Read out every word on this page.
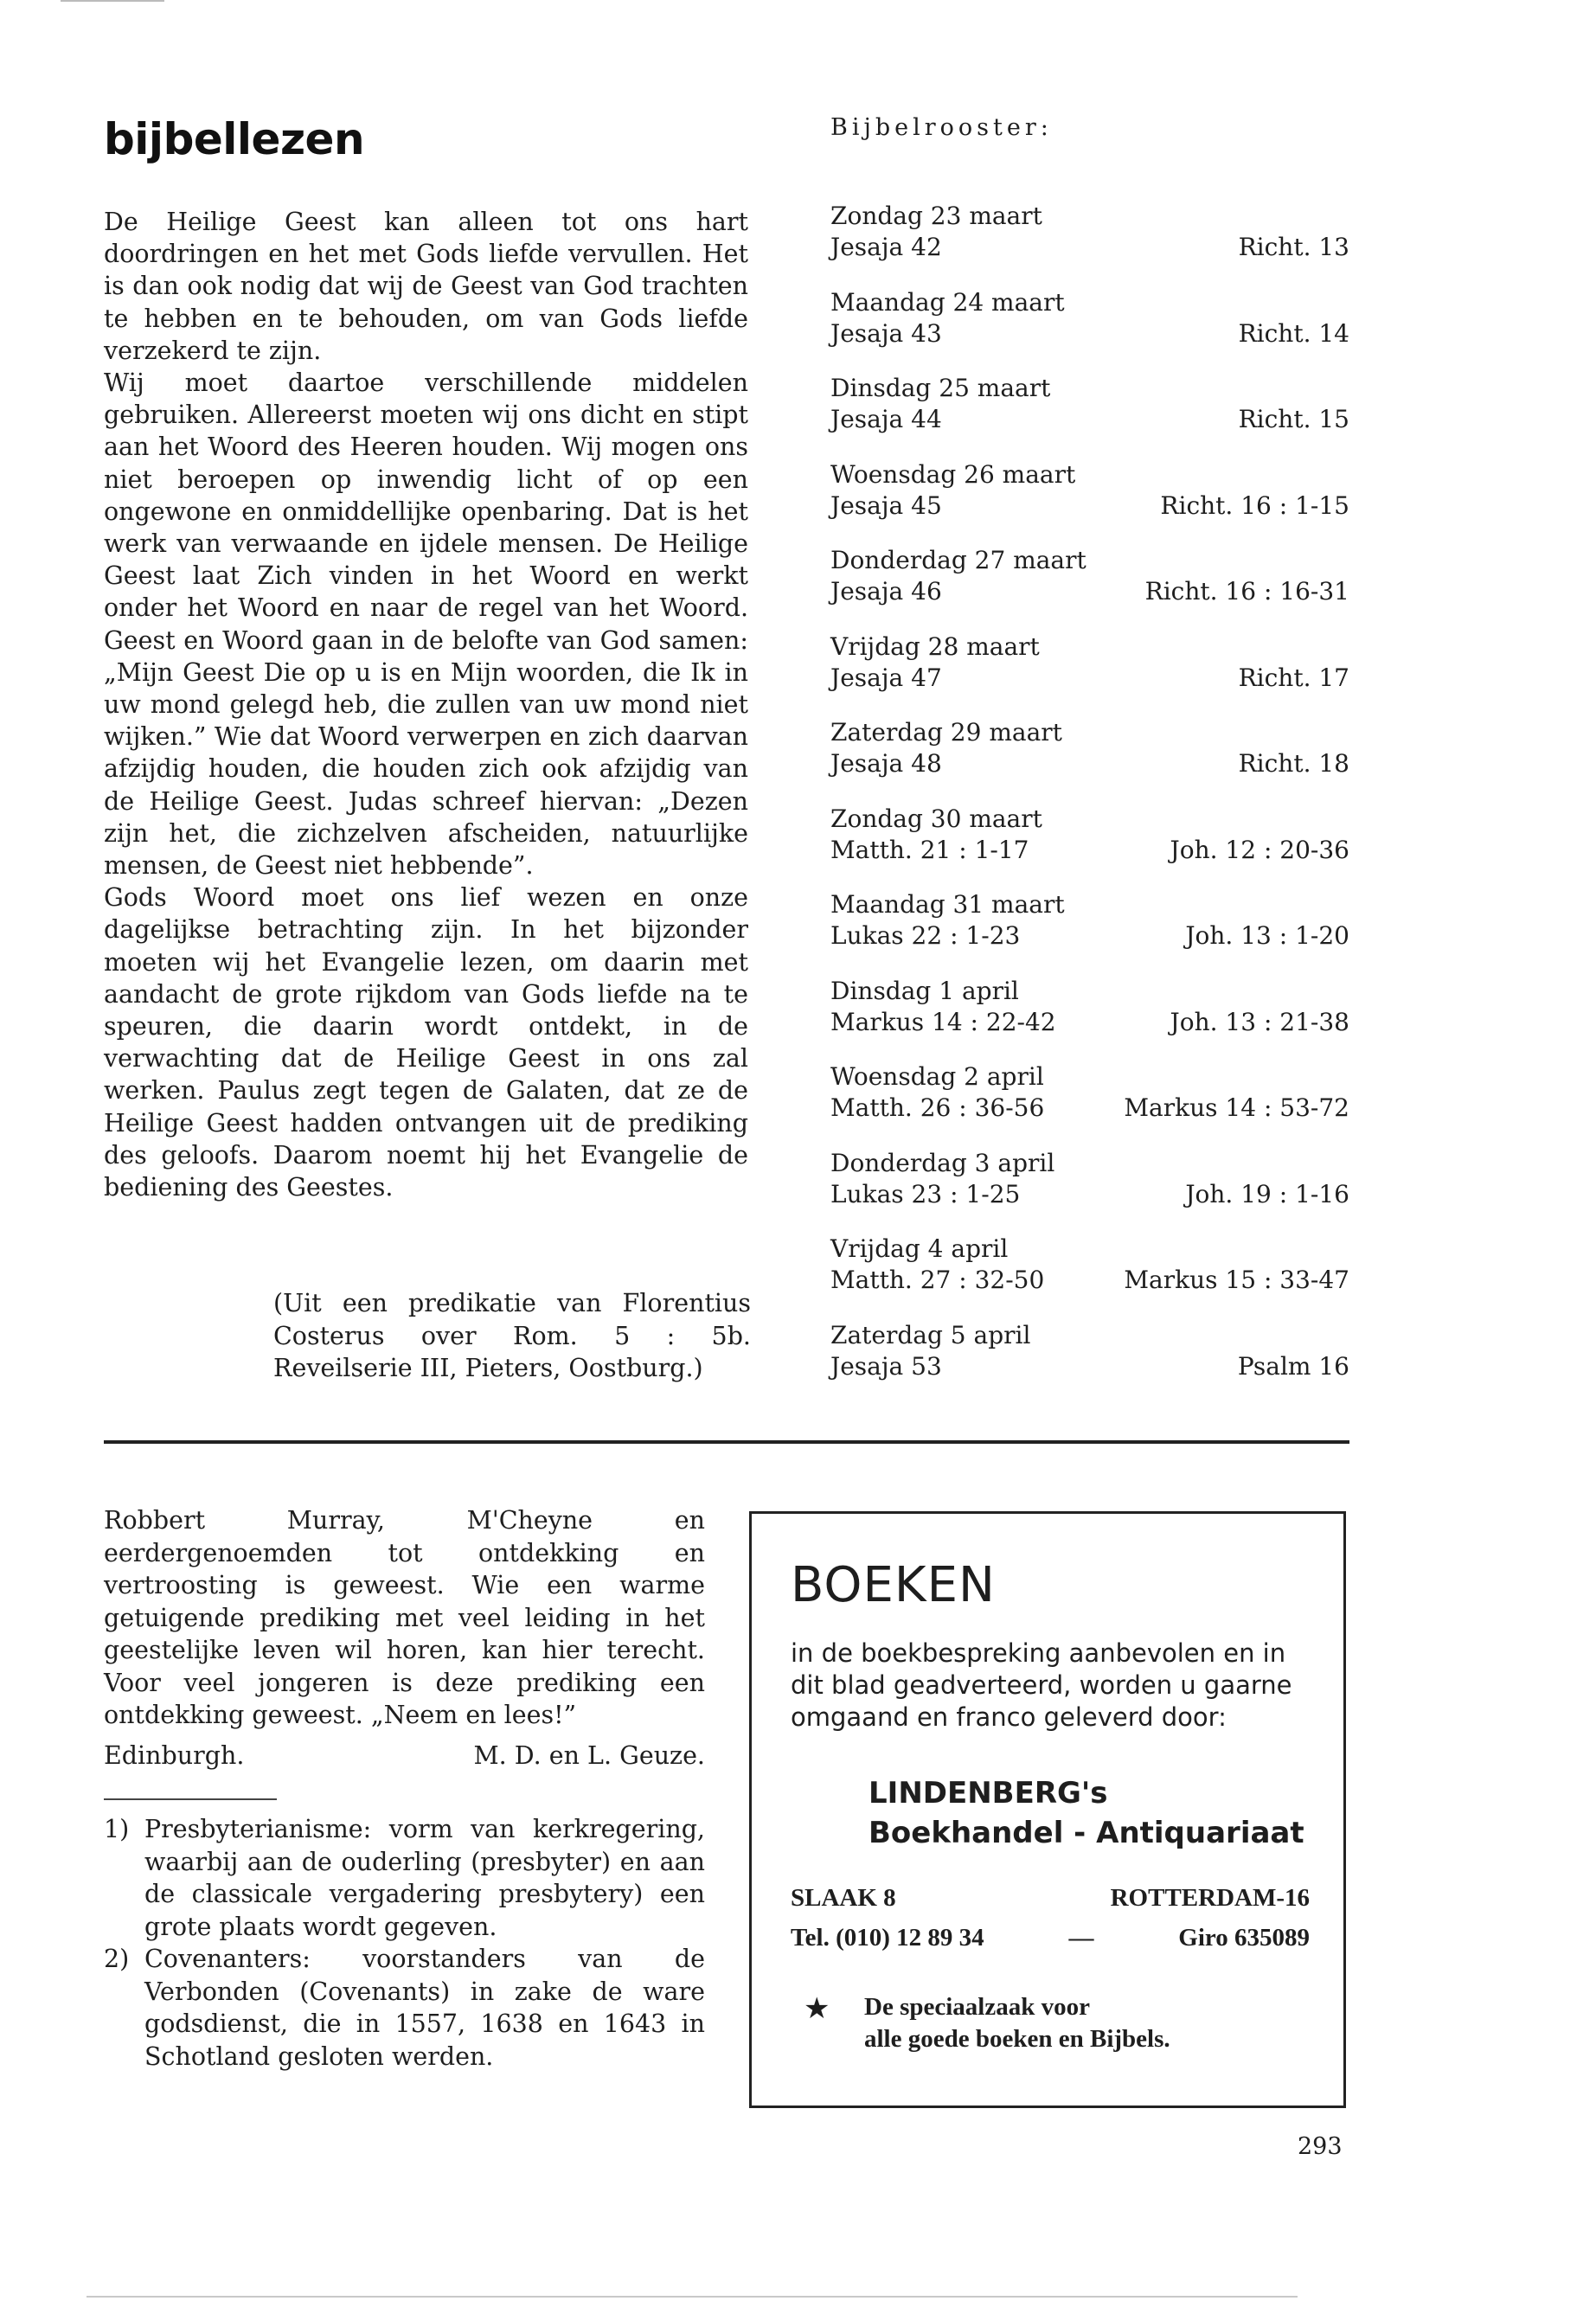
bijbellezen

De Heilige Geest kan alleen tot ons hart doordringen en het met Gods liefde vervullen. Het is dan ook nodig dat wij de Geest van God trachten te hebben en te behouden, om van Gods liefde verzekerd te zijn.

Wij moet daartoe verschillende middelen gebruiken. Allereerst moeten wij ons dicht en stipt aan het Woord des Heeren houden. Wij mogen ons niet beroepen op inwendig licht of op een ongewone en onmiddellijke openbaring. Dat is het werk van verwaande en ijdele mensen. De Heilige Geest laat Zich vinden in het Woord en werkt onder het Woord en naar de regel van het Woord. Geest en Woord gaan in de belofte van God samen: „Mijn Geest Die op u is en Mijn woorden, die Ik in uw mond gelegd heb, die zullen van uw mond niet wijken.” Wie dat Woord verwerpen en zich daarvan afzijdig houden, die houden zich ook afzijdig van de Heilige Geest. Judas schreef hiervan: „Dezen zijn het, die zichzelven afscheiden, natuurlijke mensen, de Geest niet hebbende”.

Gods Woord moet ons lief wezen en onze dagelijkse betrachting zijn. In het bijzonder moeten wij het Evangelie lezen, om daarin met aandacht de grote rijkdom van Gods liefde na te speuren, die daarin wordt ontdekt, in de verwachting dat de Heilige Geest in ons zal werken. Paulus zegt tegen de Galaten, dat ze de Heilige Geest hadden ontvangen uit de prediking des geloofs. Daarom noemt hij het Evangelie de bediening des Geestes.

(Uit een predikatie van Florentius Costerus over Rom. 5 : 5b. Reveilserie III, Pieters, Oostburg.)

Bijbelrooster:
Zondag 23 maart
Jesaja 42	Richt. 13
Maandag 24 maart
Jesaja 43	Richt. 14
Dinsdag 25 maart
Jesaja 44	Richt. 15
Woensdag 26 maart
Jesaja 45	Richt. 16 : 1-15
Donderdag 27 maart
Jesaja 46	Richt. 16 : 16-31
Vrijdag 28 maart
Jesaja 47	Richt. 17
Zaterdag 29 maart
Jesaja 48	Richt. 18
Zondag 30 maart
Matth. 21 : 1-17	Joh. 12 : 20-36
Maandag 31 maart
Lukas 22 : 1-23	Joh. 13 : 1-20
Dinsdag 1 april
Markus 14 : 22-42	Joh. 13 : 21-38
Woensdag 2 april
Matth. 26 : 36-56	Markus 14 : 53-72
Donderdag 3 april
Lukas 23 : 1-25	Joh. 19 : 1-16
Vrijdag 4 april
Matth. 27 : 32-50	Markus 15 : 33-47
Zaterdag 5 april
Jesaja 53	Psalm 16

Robbert Murray, M'Cheyne en eerdergenoemden tot ontdekking en vertroosting is geweest. Wie een warme getuigende prediking met veel leiding in het geestelijke leven wil horen, kan hier terecht. Voor veel jongeren is deze prediking een ontdekking geweest. „Neem en lees!”

Edinburgh.	M. D. en L. Geuze.
1) Presbyterianisme: vorm van kerkregering, waarbij aan de ouderling (presbyter) en aan de classicale vergadering presbytery) een grote plaats wordt gegeven.
2) Covenanters: voorstanders van de Verbonden (Covenants) in zake de ware godsdienst, die in 1557, 1638 en 1643 in Schotland gesloten werden.
BOEKEN
in de boekbespreking aanbevolen en in dit blad geadverteerd, worden u gaarne omgaand en franco geleverd door:
LINDENBERG's
Boekhandel - Antiquariaat
SLAAK 8	ROTTERDAM-16
Tel. (010) 12 89 34	—	Giro 635089
★ De speciaalzaak voor
alle goede boeken en Bijbels.
293
